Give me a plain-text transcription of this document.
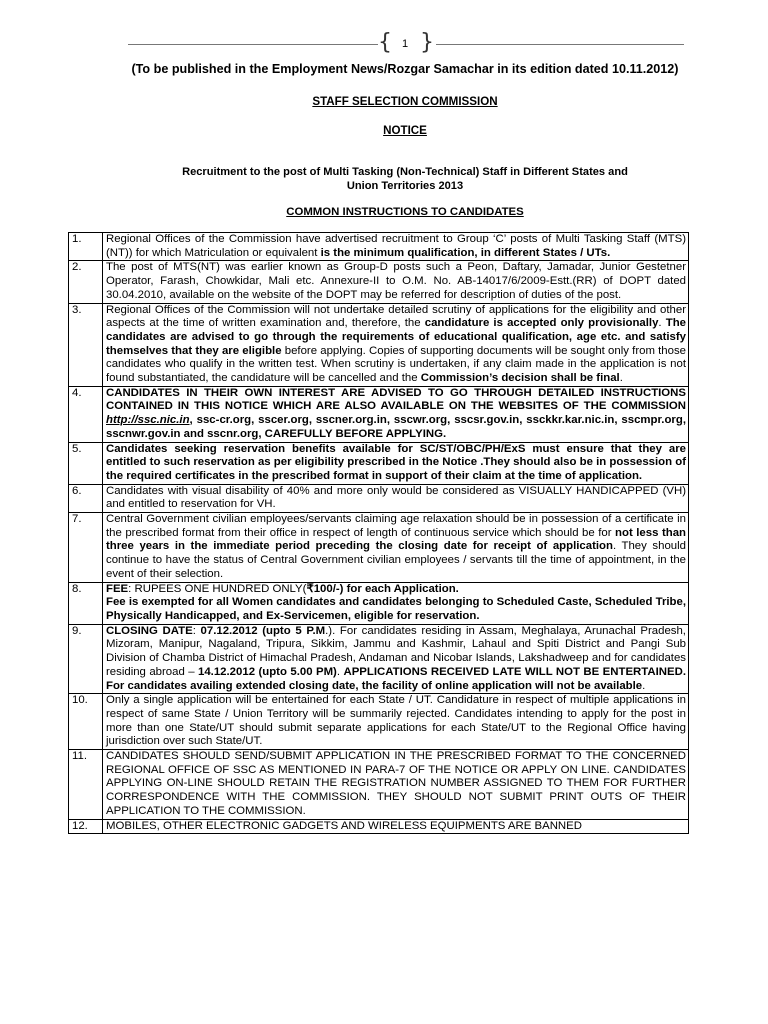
{ 1 }
(To be published in the Employment News/Rozgar Samachar in its edition dated 10.11.2012)
STAFF SELECTION COMMISSION
NOTICE
Recruitment to the post of Multi Tasking (Non-Technical) Staff in Different States and
Union Territories 2013
COMMON INSTRUCTIONS TO CANDIDATES
1.	Regional Offices of the Commission have advertised recruitment to Group ‘C’ posts of Multi Tasking Staff (MTS) (NT)) for which Matriculation or equivalent is the minimum qualification, in different States / UTs.
2.	The post of MTS(NT) was earlier known as Group-D posts such a Peon, Daftary, Jamadar, Junior Gestetner Operator, Farash, Chowkidar, Mali etc. Annexure-II to O.M. No. AB-14017/6/2009-Estt.(RR) of DOPT dated 30.04.2010, available on the website of the DOPT may be referred for description of duties of the post.
3.	Regional Offices of the Commission will not undertake detailed scrutiny of applications for the eligibility and other aspects at the time of written examination and, therefore, the candidature is accepted only provisionally. The candidates are advised to go through the requirements of educational qualification, age etc. and satisfy themselves that they are eligible before applying. Copies of supporting documents will be sought only from those candidates who qualify in the written test. When scrutiny is undertaken, if any claim made in the application is not found substantiated, the candidature will be cancelled and the Commission’s decision shall be final.
4.	CANDIDATES IN THEIR OWN INTEREST ARE ADVISED TO GO THROUGH DETAILED INSTRUCTIONS CONTAINED IN THIS NOTICE WHICH ARE ALSO AVAILABLE ON THE WEBSITES OF THE COMMISSION http://ssc.nic.in, ssc-cr.org, sscer.org, sscner.org.in, sscwr.org, sscsr.gov.in, ssckkr.kar.nic.in, sscmpr.org, sscnwr.gov.in and sscnr.org, CAREFULLY BEFORE APPLYING.
5.	Candidates seeking reservation benefits available for SC/ST/OBC/PH/ExS must ensure that they are entitled to such reservation as per eligibility prescribed in the Notice .They should also be in possession of the required certificates in the prescribed format in support of their claim at the time of application.
6.	Candidates with visual disability of 40% and more only would be considered as VISUALLY HANDICAPPED (VH) and entitled to reservation for VH.
7.	Central Government civilian employees/servants claiming age relaxation should be in possession of a certificate in the prescribed format from their office in respect of length of continuous service which should be for not less than three years in the immediate period preceding the closing date for receipt of application. They should continue to have the status of Central Government civilian employees / servants till the time of appointment, in the event of their selection.
8.	FEE: RUPEES ONE HUNDRED ONLY(₹100/-) for each Application.
Fee is exempted for all Women candidates and candidates belonging to Scheduled Caste, Scheduled Tribe, Physically Handicapped, and Ex-Servicemen, eligible for reservation.
9.	CLOSING DATE: 07.12.2012 (upto 5 P.M.). For candidates residing in Assam, Meghalaya, Arunachal Pradesh, Mizoram, Manipur, Nagaland, Tripura, Sikkim, Jammu and Kashmir, Lahaul and Spiti District and Pangi Sub Division of Chamba District of Himachal Pradesh, Andaman and Nicobar Islands, Lakshadweep and for candidates residing abroad – 14.12.2012 (upto 5.00 PM). APPLICATIONS RECEIVED LATE WILL NOT BE ENTERTAINED. For candidates availing extended closing date, the facility of online application will not be available.
10.	Only a single application will be entertained for each State / UT. Candidature in respect of multiple applications in respect of same State / Union Territory will be summarily rejected. Candidates intending to apply for the post in more than one State/UT should submit separate applications for each State/UT to the Regional Office having jurisdiction over such State/UT.
11.	CANDIDATES SHOULD SEND/SUBMIT APPLICATION IN THE PRESCRIBED FORMAT TO THE CONCERNED REGIONAL OFFICE OF SSC AS MENTIONED IN PARA-7 OF THE NOTICE OR APPLY ON LINE. CANDIDATES APPLYING ON-LINE SHOULD RETAIN THE REGISTRATION NUMBER ASSIGNED TO THEM FOR FURTHER CORRESPONDENCE WITH THE COMMISSION. THEY SHOULD NOT SUBMIT PRINT OUTS OF THEIR APPLICATION TO THE COMMISSION.
12.	MOBILES, OTHER ELECTRONIC GADGETS AND WIRELESS EQUIPMENTS ARE BANNED
